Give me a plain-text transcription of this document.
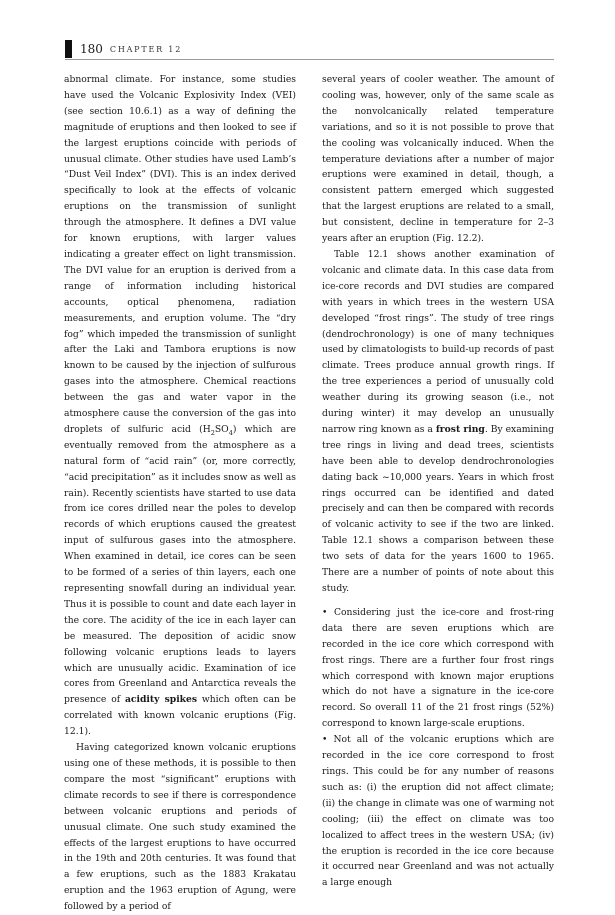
180 CHAPTER 12

abnormal climate. For instance, some studies have used the Volcanic Explosivity Index (VEI) (see section 10.6.1) as a way of defining the magnitude of eruptions and then looked to see if the largest eruptions coincide with periods of unusual climate. Other studies have used Lamb’s “Dust Veil Index” (DVI). This is an index derived specifically to look at the effects of volcanic eruptions on the transmission of sunlight through the atmosphere. It defines a DVI value for known eruptions, with larger values indicating a greater effect on light transmission. The DVI value for an eruption is derived from a range of information including historical accounts, optical phenomena, radiation measurements, and eruption volume. The “dry fog” which impeded the transmission of sunlight after the Laki and Tambora eruptions is now known to be caused by the injection of sulfurous gases into the atmosphere. Chemical reactions between the gas and water vapor in the atmosphere cause the conversion of the gas into droplets of sulfuric acid $(H_2SO_4)$ which are eventually removed from the atmosphere as a natural form of “acid rain” (or, more correctly, “acid precipitation” as it includes snow as well as rain). Recently scientists have started to use data from ice cores drilled near the poles to develop records of which eruptions caused the greatest input of sulfurous gases into the atmosphere. When examined in detail, ice cores can be seen to be formed of a series of thin layers, each one representing snowfall during an individual year. Thus it is possible to count and date each layer in the core. The acidity of the ice in each layer can be measured. The deposition of acidic snow following volcanic eruptions leads to layers which are unusually acidic. Examination of ice cores from Greenland and Antarctica reveals the presence of acidity spikes which often can be correlated with known volcanic eruptions (Fig. 12.1).

Having categorized known volcanic eruptions using one of these methods, it is possible to then compare the most “significant” eruptions with climate records to see if there is correspondence between volcanic eruptions and periods of unusual climate. One such study examined the effects of the largest eruptions to have occurred in the 19th and 20th centuries. It was found that a few eruptions, such as the 1883 Krakatau eruption and the 1963 eruption of Agung, were followed by a period of

several years of cooler weather. The amount of cooling was, however, only of the same scale as the nonvolcanically related temperature variations, and so it is not possible to prove that the cooling was volcanically induced. When the temperature deviations after a number of major eruptions were examined in detail, though, a consistent pattern emerged which suggested that the largest eruptions are related to a small, but consistent, decline in temperature for 2–3 years after an eruption (Fig. 12.2).

Table 12.1 shows another examination of volcanic and climate data. In this case data from ice-core records and DVI studies are compared with years in which trees in the western USA developed “frost rings”. The study of tree rings (dendrochronology) is one of many techniques used by climatologists to build-up records of past climate. Trees produce annual growth rings. If the tree experiences a period of unusually cold weather during its growing season (i.e., not during winter) it may develop an unusually narrow ring known as a frost ring. By examining tree rings in living and dead trees, scientists have been able to develop dendrochronologies dating back ~10,000 years. Years in which frost rings occurred can be identified and dated precisely and can then be compared with records of volcanic activity to see if the two are linked. Table 12.1 shows a comparison between these two sets of data for the years 1600 to 1965. There are a number of points of note about this study.

• Considering just the ice-core and frost-ring data there are seven eruptions which are recorded in the ice core which correspond with frost rings. There are a further four frost rings which correspond with known major eruptions which do not have a signature in the ice-core record. So overall 11 of the 21 frost rings (52%) correspond to known large-scale eruptions.

• Not all of the volcanic eruptions which are recorded in the ice core correspond to frost rings. This could be for any number of reasons such as: (i) the eruption did not affect climate; (ii) the change in climate was one of warming not cooling; (iii) the effect on climate was too localized to affect trees in the western USA; (iv) the eruption is recorded in the ice core because it occurred near Greenland and was not actually a large enough
